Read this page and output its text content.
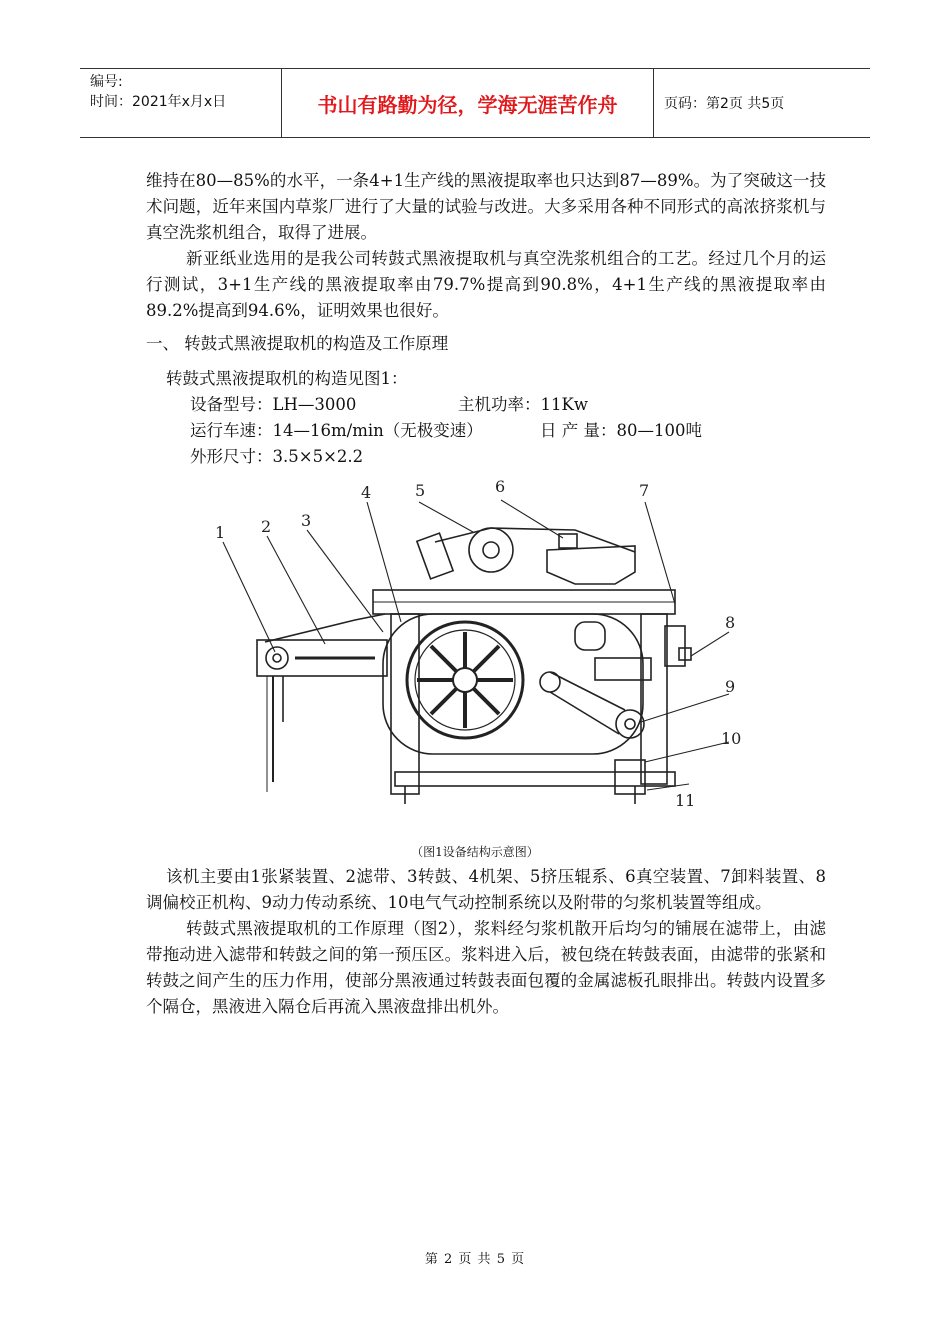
编号:
时间：2021年x月x日	书山有路勤为径，学海无涯苦作舟	页码：第2页 共5页

维持在80—85%的水平，一条4+1生产线的黑液提取率也只达到87—89%。为了突破这一技术问题，近年来国内草浆厂进行了大量的试验与改进。大多采用各种不同形式的高浓挤浆机与真空洗浆机组合，取得了进展。

新亚纸业选用的是我公司转鼓式黑液提取机与真空洗浆机组合的工艺。经过几个月的运行测试，3+1生产线的黑液提取率由79.7%提高到90.8%，4+1生产线的黑液提取率由89.2%提高到94.6%，证明效果也很好。

一、 转鼓式黑液提取机的构造及工作原理
转鼓式黑液提取机的构造见图1：
设备型号：LH—3000	主机功率：11Kw
运行车速：14—16m/min（无极变速）	日 产 量：80—100吨
外形尺寸：3.5×5×2.2
1 2 3
4	5	6	7
8
9
10
11
（图1设备结构示意图）

该机主要由1张紧装置、2滤带、3转鼓、4机架、5挤压辊系、6真空装置、7卸料装置、8调偏校正机构、9动力传动系统、10电气气动控制系统以及附带的匀浆机装置等组成。

转鼓式黑液提取机的工作原理（图2），浆料经匀浆机散开后均匀的铺展在滤带上，由滤带拖动进入滤带和转鼓之间的第一预压区。浆料进入后，被包绕在转鼓表面，由滤带的张紧和转鼓之间产生的压力作用，使部分黑液通过转鼓表面包覆的金属滤板孔眼排出。转鼓内设置多个隔仓，黑液进入隔仓后再流入黑液盘排出机外。

第 2 页 共 5 页
